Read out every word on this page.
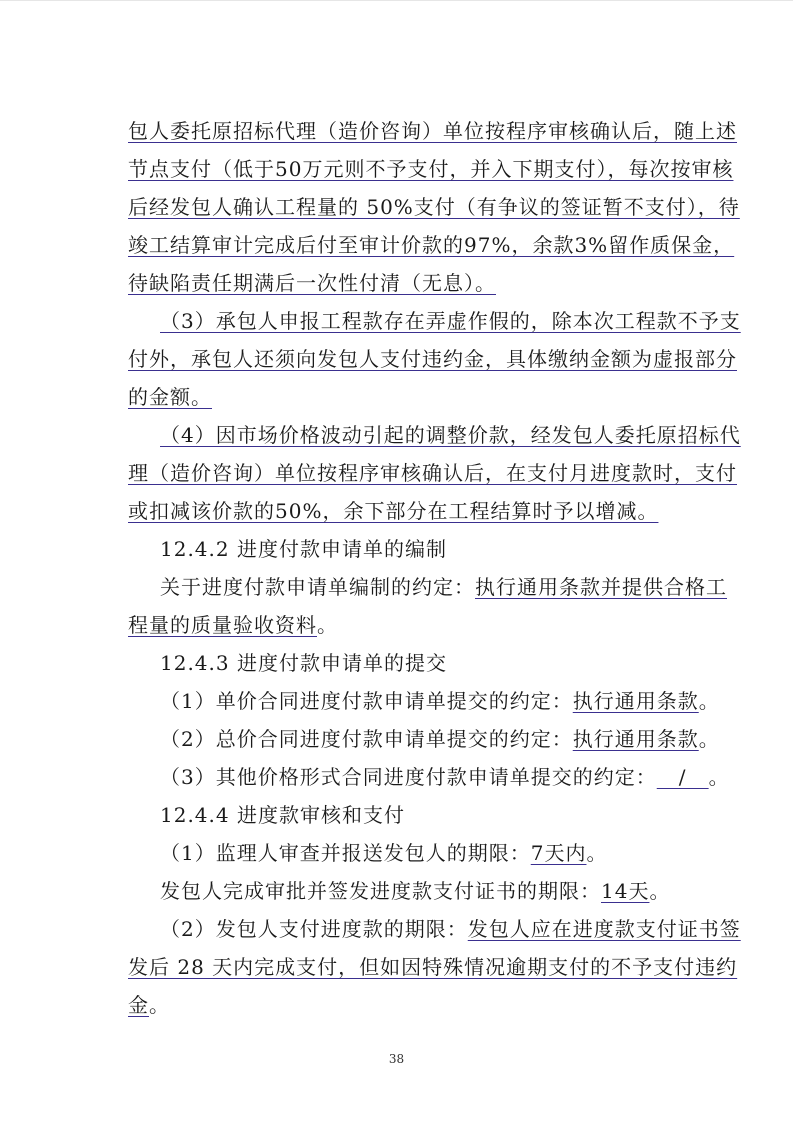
包人委托原招标代理（造价咨询）单位按程序审核确认后，随上述
节点支付（低于50万元则不予支付，并入下期支付），每次按审核
后经发包人确认工程量的 50%支付（有争议的签证暂不支付），待
竣工结算审计完成后付至审计价款的97%，余款3%留作质保金，
待缺陷责任期满后一次性付清（无息）。
（3）承包人申报工程款存在弄虚作假的，除本次工程款不予支
付外，承包人还须向发包人支付违约金，具体缴纳金额为虚报部分
的金额。
（4）因市场价格波动引起的调整价款，经发包人委托原招标代
理（造价咨询）单位按程序审核确认后，在支付月进度款时，支付
或扣减该价款的50%，余下部分在工程结算时予以增减。
12.4.2 进度付款申请单的编制
关于进度付款申请单编制的约定：执行通用条款并提供合格工
程量的质量验收资料。
12.4.3 进度付款申请单的提交
（1）单价合同进度付款申请单提交的约定：执行通用条款。
（2）总价合同进度付款申请单提交的约定：执行通用条款。
（3）其他价格形式合同进度付款申请单提交的约定：   /   。
12.4.4 进度款审核和支付
（1）监理人审查并报送发包人的期限：7天内。
发包人完成审批并签发进度款支付证书的期限：14天。
（2）发包人支付进度款的期限：发包人应在进度款支付证书签
发后 28 天内完成支付，但如因特殊情况逾期支付的不予支付违约
金。
38
